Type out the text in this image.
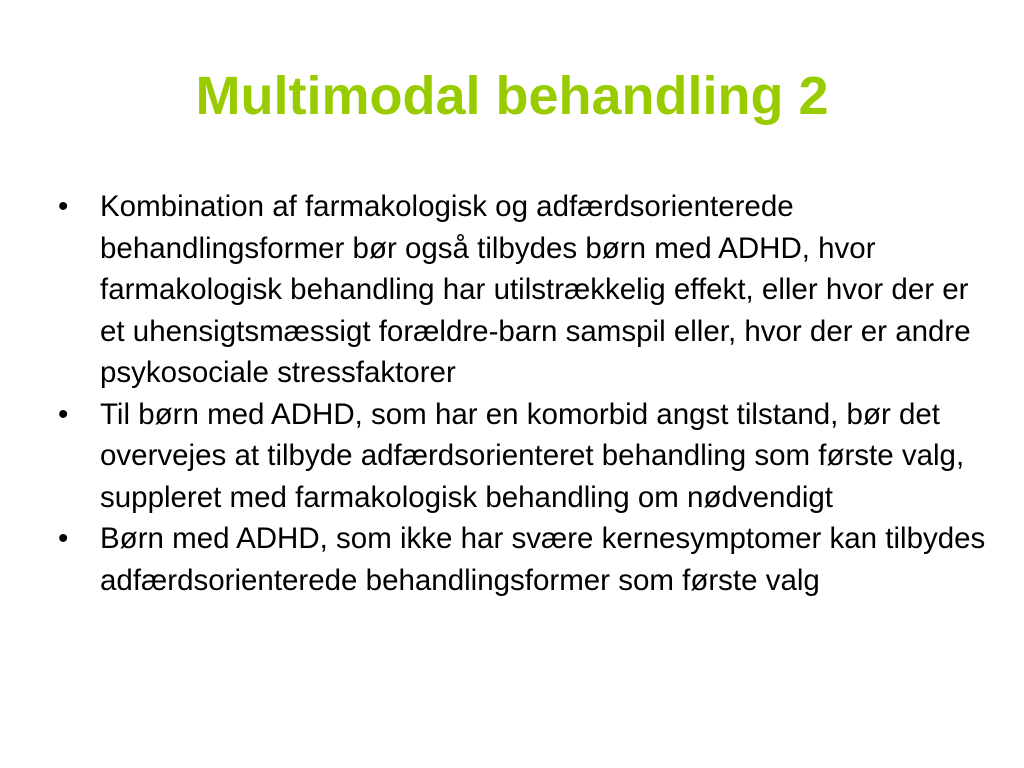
Multimodal behandling 2
•	Kombination af farmakologisk og adfærdsorienterede behandlingsformer bør også tilbydes børn med ADHD, hvor farmakologisk behandling har utilstrækkelig effekt, eller hvor der er et uhensigtsmæssigt forældre-barn samspil eller, hvor der er andre psykosociale stressfaktorer
•	Til børn med ADHD, som har en komorbid angst tilstand, bør det overvejes at tilbyde adfærdsorienteret behandling som første valg, suppleret med farmakologisk behandling om nødvendigt
•	Børn med ADHD, som ikke har svære kernesymptomer kan tilbydes adfærdsorienterede behandlingsformer som første valg
